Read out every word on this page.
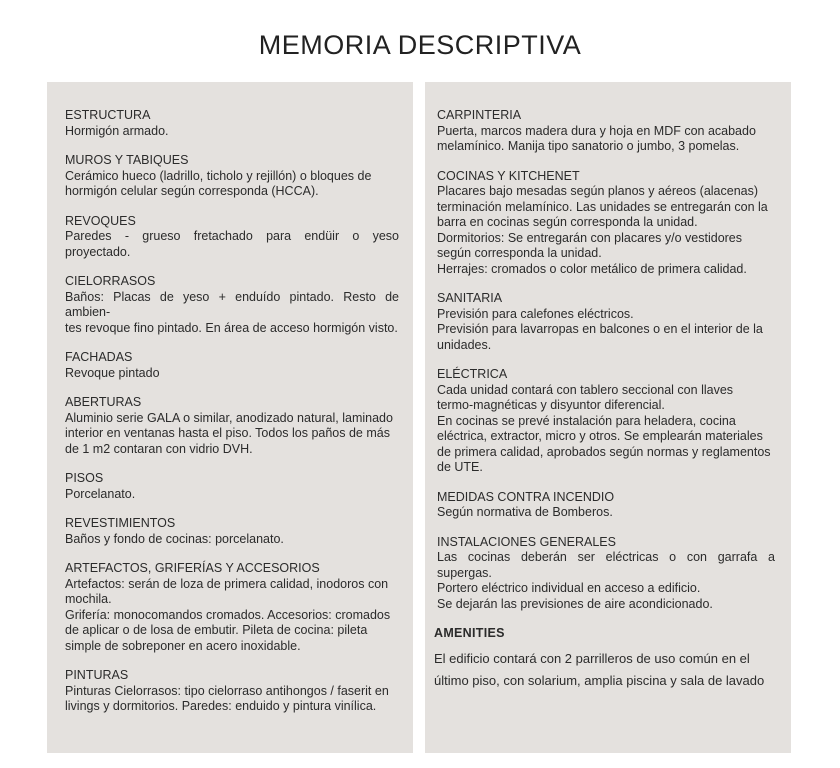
MEMORIA DESCRIPTIVA
ESTRUCTURA
Hormigón armado.
MUROS Y TABIQUES
Cerámico hueco (ladrillo, ticholo y rejillón) o bloques de
hormigón celular según corresponda (HCCA).
REVOQUES
Paredes - grueso fretachado para endüir o yeso proyectado.
CIELORRASOS
Baños: Placas de yeso + enduído pintado. Resto de ambien-
tes revoque fino pintado. En área de acceso hormigón visto.
FACHADAS
Revoque pintado
ABERTURAS
Aluminio serie GALA o similar, anodizado natural, laminado
interior en ventanas hasta el piso. Todos los paños de más
de 1 m2 contaran con vidrio DVH.
PISOS
Porcelanato.
REVESTIMIENTOS
Baños y fondo de cocinas: porcelanato.
ARTEFACTOS, GRIFERÍAS Y ACCESORIOS
Artefactos: serán de loza de primera calidad, inodoros con
mochila.
Grifería: monocomandos cromados. Accesorios: cromados
de aplicar o de losa de embutir. Pileta de cocina: pileta
simple de sobreponer en acero inoxidable.
PINTURAS
Pinturas Cielorrasos: tipo cielorraso antihongos / faserit en
livings y dormitorios. Paredes: enduido y pintura vinílica.
CARPINTERIA
Puerta, marcos madera dura y hoja en MDF con acabado
melamínico. Manija tipo sanatorio o jumbo, 3 pomelas.
COCINAS Y KITCHENET
Placares bajo mesadas según planos y aéreos (alacenas)
terminación melamínico. Las unidades se entregarán con la
barra en cocinas según corresponda la unidad.
Dormitorios: Se entregarán con placares y/o vestidores
según corresponda la unidad.
Herrajes: cromados o color metálico de primera calidad.
SANITARIA
Previsión para calefones eléctricos.
Previsión para lavarropas en balcones o en el interior de la
unidades.
ELÉCTRICA
Cada unidad contará con tablero seccional con llaves
termo-magnéticas y disyuntor diferencial.
En cocinas se prevé instalación para heladera, cocina
eléctrica, extractor, micro y otros. Se emplearán materiales
de primera calidad, aprobados según normas y reglamentos
de UTE.
MEDIDAS CONTRA INCENDIO
Según normativa de Bomberos.
INSTALACIONES GENERALES
Las cocinas deberán ser eléctricas o con garrafa a supergas.
Portero eléctrico individual en acceso a edificio.
Se dejarán las previsiones de aire acondicionado.
AMENITIES
El edificio contará con 2 parrilleros de uso común en el
último piso, con solarium, amplia piscina y sala de lavado
